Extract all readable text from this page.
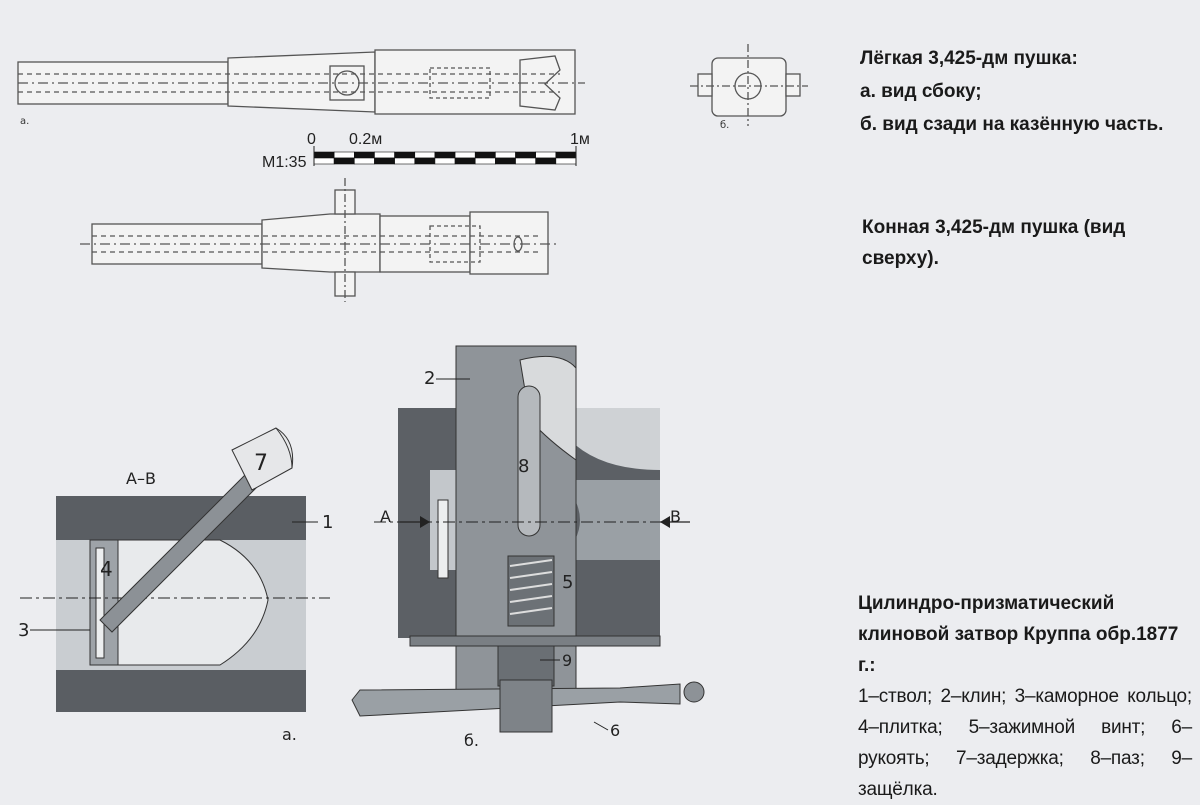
а.	б.
0 0.2м	1м
М1:35
А–В
7
4
3
1
а.
2
8
5
9
6
А	В
б.
Лёгкая 3,425-дм пушка:
а. вид сбоку;
б. вид сзади на казённую часть.
Конная 3,425-дм пушка (вид
сверху).
Цилиндро-призматический клиновой затвор Круппа обр.1877 г.:
1–ствол; 2–клин; 3–каморное кольцо; 4–плитка; 5–зажимной винт; 6–рукоять; 7–задержка; 8–паз; 9–защёлка.
